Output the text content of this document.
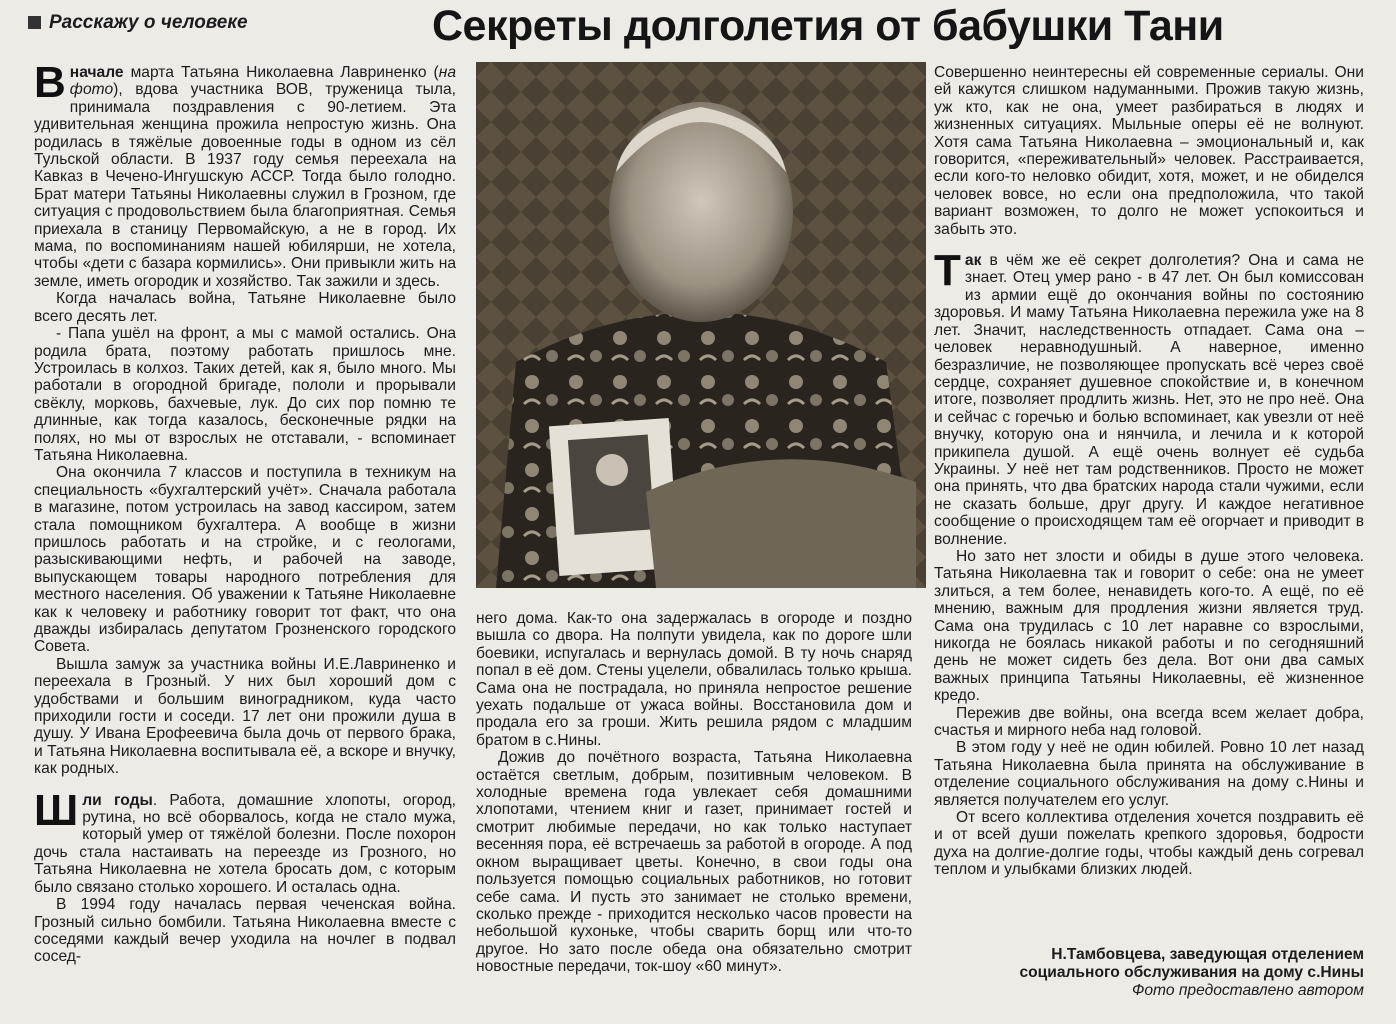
Расскажу о человеке	Секреты долголетия от бабушки Тани

Вначале марта Татьяна Николаевна Лавриненко (на фото), вдова участника ВОВ, труженица тыла, принимала поздравления с 90-летием. Эта удивительная женщина прожила непростую жизнь. Она родилась в тяжёлые довоенные годы в одном из сёл Тульской области. В 1937 году семья переехала на Кавказ в Чечено-Ингушскую АССР. Тогда было голодно. Брат матери Татьяны Николаевны служил в Грозном, где ситуация с продовольствием была благоприятная. Семья приехала в станицу Первомайскую, а не в город. Их мама, по воспоминаниям нашей юбилярши, не хотела, чтобы «дети с базара кормились». Они привыкли жить на земле, иметь огородик и хозяйство. Так зажили и здесь.

Когда началась война, Татьяне Николаевне было всего десять лет.

- Папа ушёл на фронт, а мы с мамой остались. Она родила брата, поэтому работать пришлось мне. Устроилась в колхоз. Таких детей, как я, было много. Мы работали в огородной бригаде, пололи и прорывали свёклу, морковь, бахчевые, лук. До сих пор помню те длинные, как тогда казалось, бесконечные рядки на полях, но мы от взрослых не отставали, - вспоминает Татьяна Николаевна.

Она окончила 7 классов и поступила в техникум на специальность «бухгалтерский учёт». Сначала работала в магазине, потом устроилась на завод кассиром, затем стала помощником бухгалтера. А вообще в жизни пришлось работать и на стройке, и с геологами, разыскивающими нефть, и рабочей на заводе, выпускающем товары народного потребления для местного населения. Об уважении к Татьяне Николаевне как к человеку и работнику говорит тот факт, что она дважды избиралась депутатом Грозненского городского Совета.

Вышла замуж за участника войны И.Е.Лавриненко и переехала в Грозный. У них был хороший дом с удобствами и большим виноградником, куда часто приходили гости и соседи. 17 лет они прожили душа в душу. У Ивана Ерофеевича была дочь от первого брака, и Татьяна Николаевна воспитывала её, а вскоре и внучку, как родных.

Шли годы. Работа, домашние хлопоты, огород, рутина, но всё оборвалось, когда не стало мужа, который умер от тяжёлой болезни. После похорон дочь стала настаивать на переезде из Грозного, но Татьяна Николаевна не хотела бросать дом, с которым было связано столько хорошего. И осталась одна.

В 1994 году началась первая чеченская война. Грозный сильно бомбили. Татьяна Николаевна вместе с соседями каждый вечер уходила на ночлег в подвал сосед-

него дома. Как-то она задержалась в огороде и поздно вышла со двора. На полпути увидела, как по дороге шли боевики, испугалась и вернулась домой. В ту ночь снаряд попал в её дом. Стены уцелели, обвалилась только крыша. Сама она не пострадала, но приняла непростое решение уехать подальше от ужаса войны. Восстановила дом и продала его за гроши. Жить решила рядом с младшим братом в с.Нины.

Дожив до почётного возраста, Татьяна Николаевна остаётся светлым, добрым, позитивным человеком. В холодные времена года увлекает себя домашними хлопотами, чтением книг и газет, принимает гостей и смотрит любимые передачи, но как только наступает весенняя пора, её встречаешь за работой в огороде. А под окном выращивает цветы. Конечно, в свои годы она пользуется помощью социальных работников, но готовит себе сама. И пусть это занимает не столько времени, сколько прежде - приходится несколько часов провести на небольшой кухоньке, чтобы сварить борщ или что-то другое. Но зато после обеда она обязательно смотрит новостные передачи, ток-шоу «60 минут».

Совершенно неинтересны ей современные сериалы. Они ей кажутся слишком надуманными. Прожив такую жизнь, уж кто, как не она, умеет разбираться в людях и жизненных ситуациях. Мыльные оперы её не волнуют. Хотя сама Татьяна Николаевна – эмоциональный и, как говорится, «переживательный» человек. Расстраивается, если кого-то неловко обидит, хотя, может, и не обиделся человек вовсе, но если она предположила, что такой вариант возможен, то долго не может успокоиться и забыть это.

Так в чём же её секрет долголетия? Она и сама не знает. Отец умер рано - в 47 лет. Он был комиссован из армии ещё до окончания войны по состоянию здоровья. И маму Татьяна Николаевна пережила уже на 8 лет. Значит, наследственность отпадает. Сама она – человек неравнодушный. А наверное, именно безразличие, не позволяющее пропускать всё через своё сердце, сохраняет душевное спокойствие и, в конечном итоге, позволяет продлить жизнь. Нет, это не про неё. Она и сейчас с горечью и болью вспоминает, как увезли от неё внучку, которую она и нянчила, и лечила и к которой прикипела душой. А ещё очень волнует её судьба Украины. У неё нет там родственников. Просто не может она принять, что два братских народа стали чужими, если не сказать больше, друг другу. И каждое негативное сообщение о происходящем там её огорчает и приводит в волнение.

Но зато нет злости и обиды в душе этого человека. Татьяна Николаевна так и говорит о себе: она не умеет злиться, а тем более, ненавидеть кого-то. А ещё, по её мнению, важным для продления жизни является труд. Сама она трудилась с 10 лет наравне со взрослыми, никогда не боялась никакой работы и по сегодняшний день не может сидеть без дела. Вот они два самых важных принципа Татьяны Николаевны, её жизненное кредо.

Пережив две войны, она всегда всем желает добра, счастья и мирного неба над головой.

В этом году у неё не один юбилей. Ровно 10 лет назад Татьяна Николаевна была принята на обслуживание в отделение социального обслуживания на дому с.Нины и является получателем его услуг.

От всего коллектива отделения хочется поздравить её и от всей души пожелать крепкого здоровья, бодрости духа на долгие-долгие годы, чтобы каждый день согревал теплом и улыбками близких людей.

Н.Тамбовцева, заведующая отделением
социального обслуживания на дому с.Нины
Фото предоставлено автором
